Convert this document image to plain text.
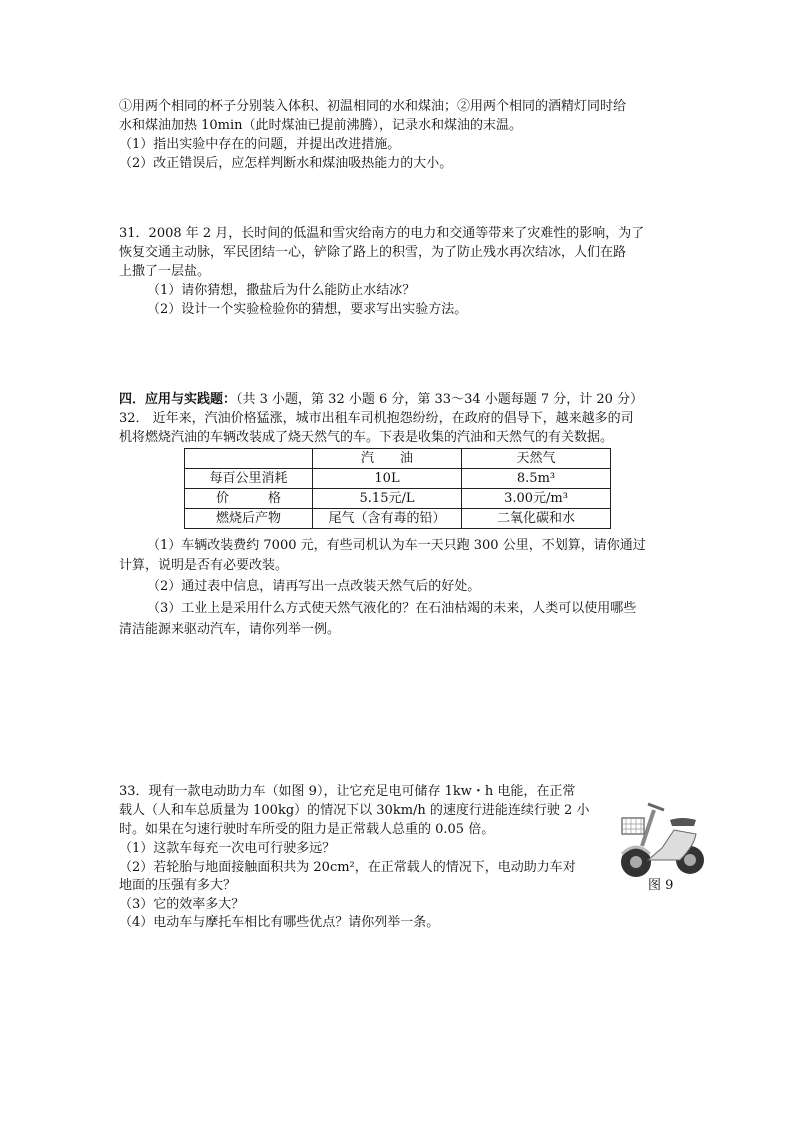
①用两个相同的杯子分别装入体积、初温相同的水和煤油；②用两个相同的酒精灯同时给
水和煤油加热 10min（此时煤油已提前沸腾），记录水和煤油的末温。
（1）指出实验中存在的问题，并提出改进措施。
（2）改正错误后，应怎样判断水和煤油吸热能力的大小。
31．2008 年 2 月，长时间的低温和雪灾给南方的电力和交通等带来了灾难性的影响，为了
恢复交通主动脉，军民团结一心，铲除了路上的积雪，为了防止残水再次结冰，人们在路
上撒了一层盐。
（1）请你猜想，撒盐后为什么能防止水结冰？
（2）设计一个实验检验你的猜想，要求写出实验方法。
四．应用与实践题：（共 3 小题，第 32 小题 6 分，第 33～34 小题每题 7 分，计 20 分）
32． 近年来，汽油价格猛涨，城市出租车司机抱怨纷纷，在政府的倡导下，越来越多的司
机将燃烧汽油的车辆改装成了烧天然气的车。下表是收集的汽油和天然气的有关数据。
	汽　　油	天然气
每百公里消耗	10L	8.5m³
价　　　格	5.15元/L	3.00元/m³
燃烧后产物	尾气（含有毒的铅）	二氧化碳和水
（1）车辆改装费约 7000 元，有些司机认为车一天只跑 300 公里，不划算，请你通过
计算，说明是否有必要改装。
（2）通过表中信息，请再写出一点改装天然气后的好处。
（3）工业上是采用什么方式使天然气液化的？在石油枯竭的未来，人类可以使用哪些
清洁能源来驱动汽车，请你列举一例。
33．现有一款电动助力车（如图 9），让它充足电可储存 1kw・h 电能，在正常
载人（人和车总质量为 100kg）的情况下以 30km/h 的速度行进能连续行驶 2 小
时。如果在匀速行驶时车所受的阻力是正常载人总重的 0.05 倍。
（1）这款车每充一次电可行驶多远？
（2）若轮胎与地面接触面积共为 20cm²，在正常载人的情况下，电动助力车对
地面的压强有多大？
（3）它的效率多大？
（4）电动车与摩托车相比有哪些优点？请你列举一条。
图 9
